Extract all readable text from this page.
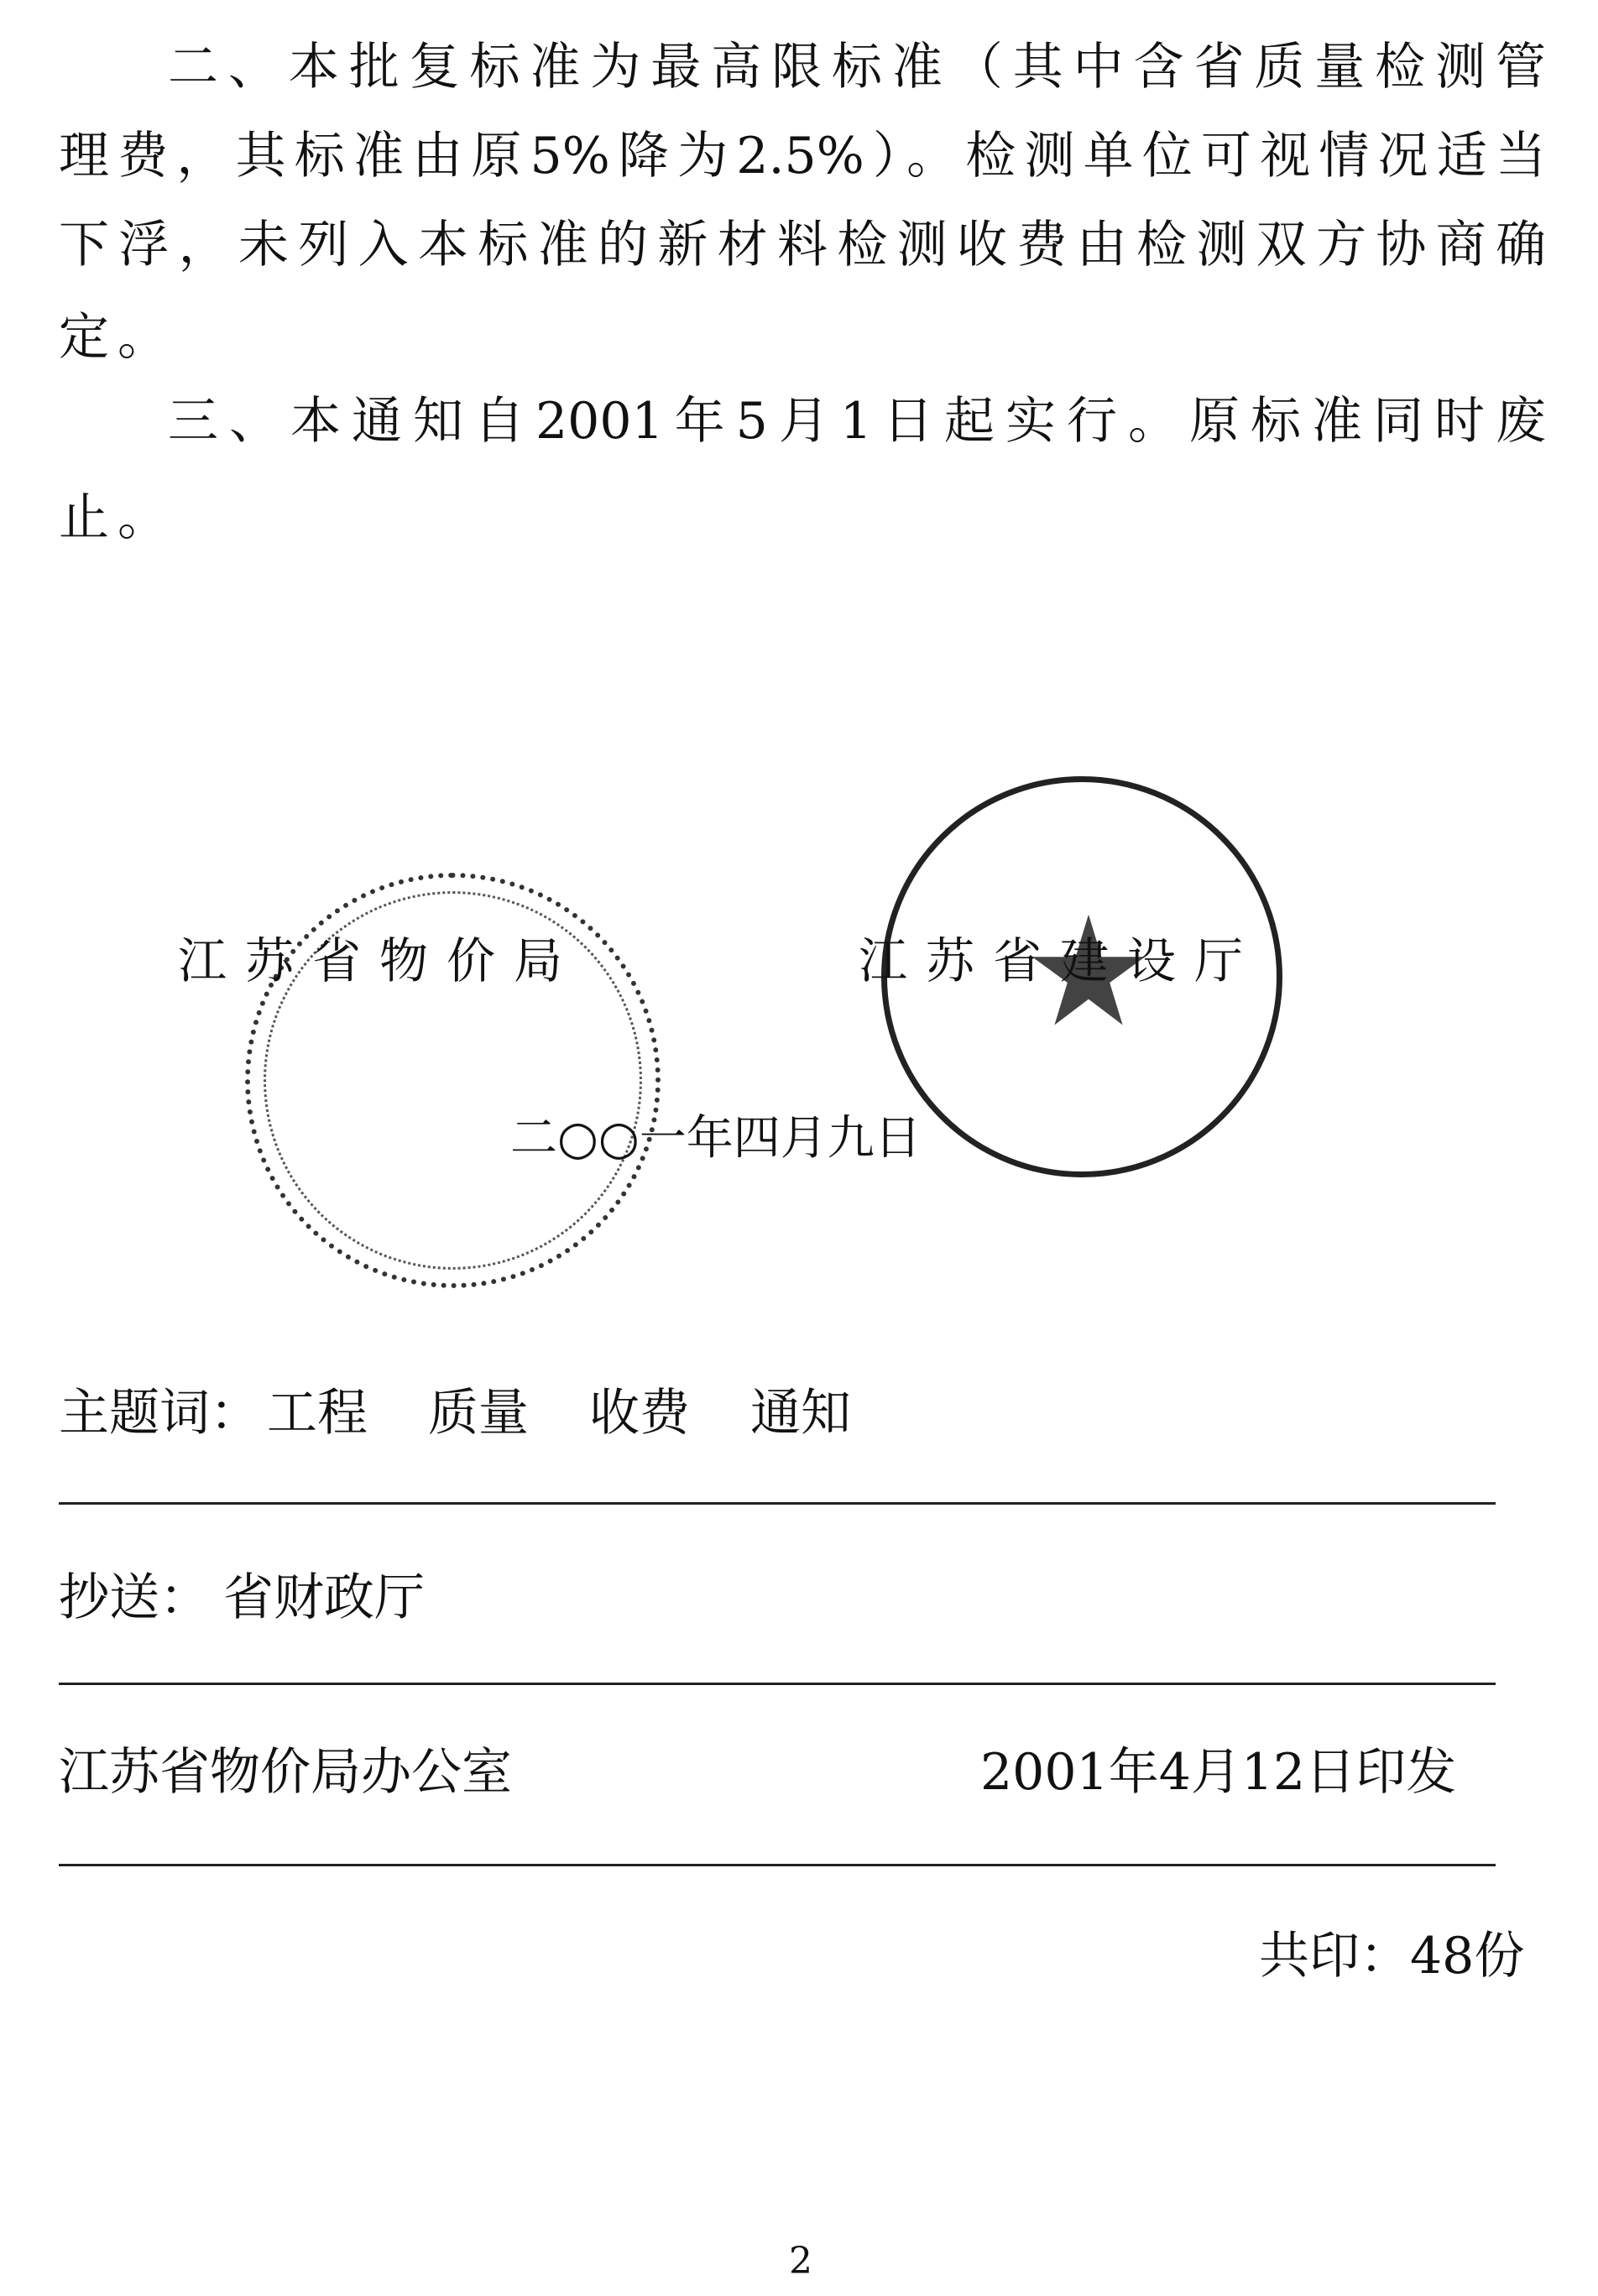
二、本批复标准为最高限标准（其中含省质量检测管
理费，其标准由原5%降为2.5%）。检测单位可视情况适当
下浮，未列入本标准的新材料检测收费由检测双方协商确
定。
三、本通知自2001年5月1日起实行。原标准同时废
止。
江苏省物价局	江苏省建设厅
二○○一年四月九日
主题词： 工程 质量 收费 通知
抄送： 省财政厅
江苏省物价局办公室	2001年4月12日印发
共印：48份
2
